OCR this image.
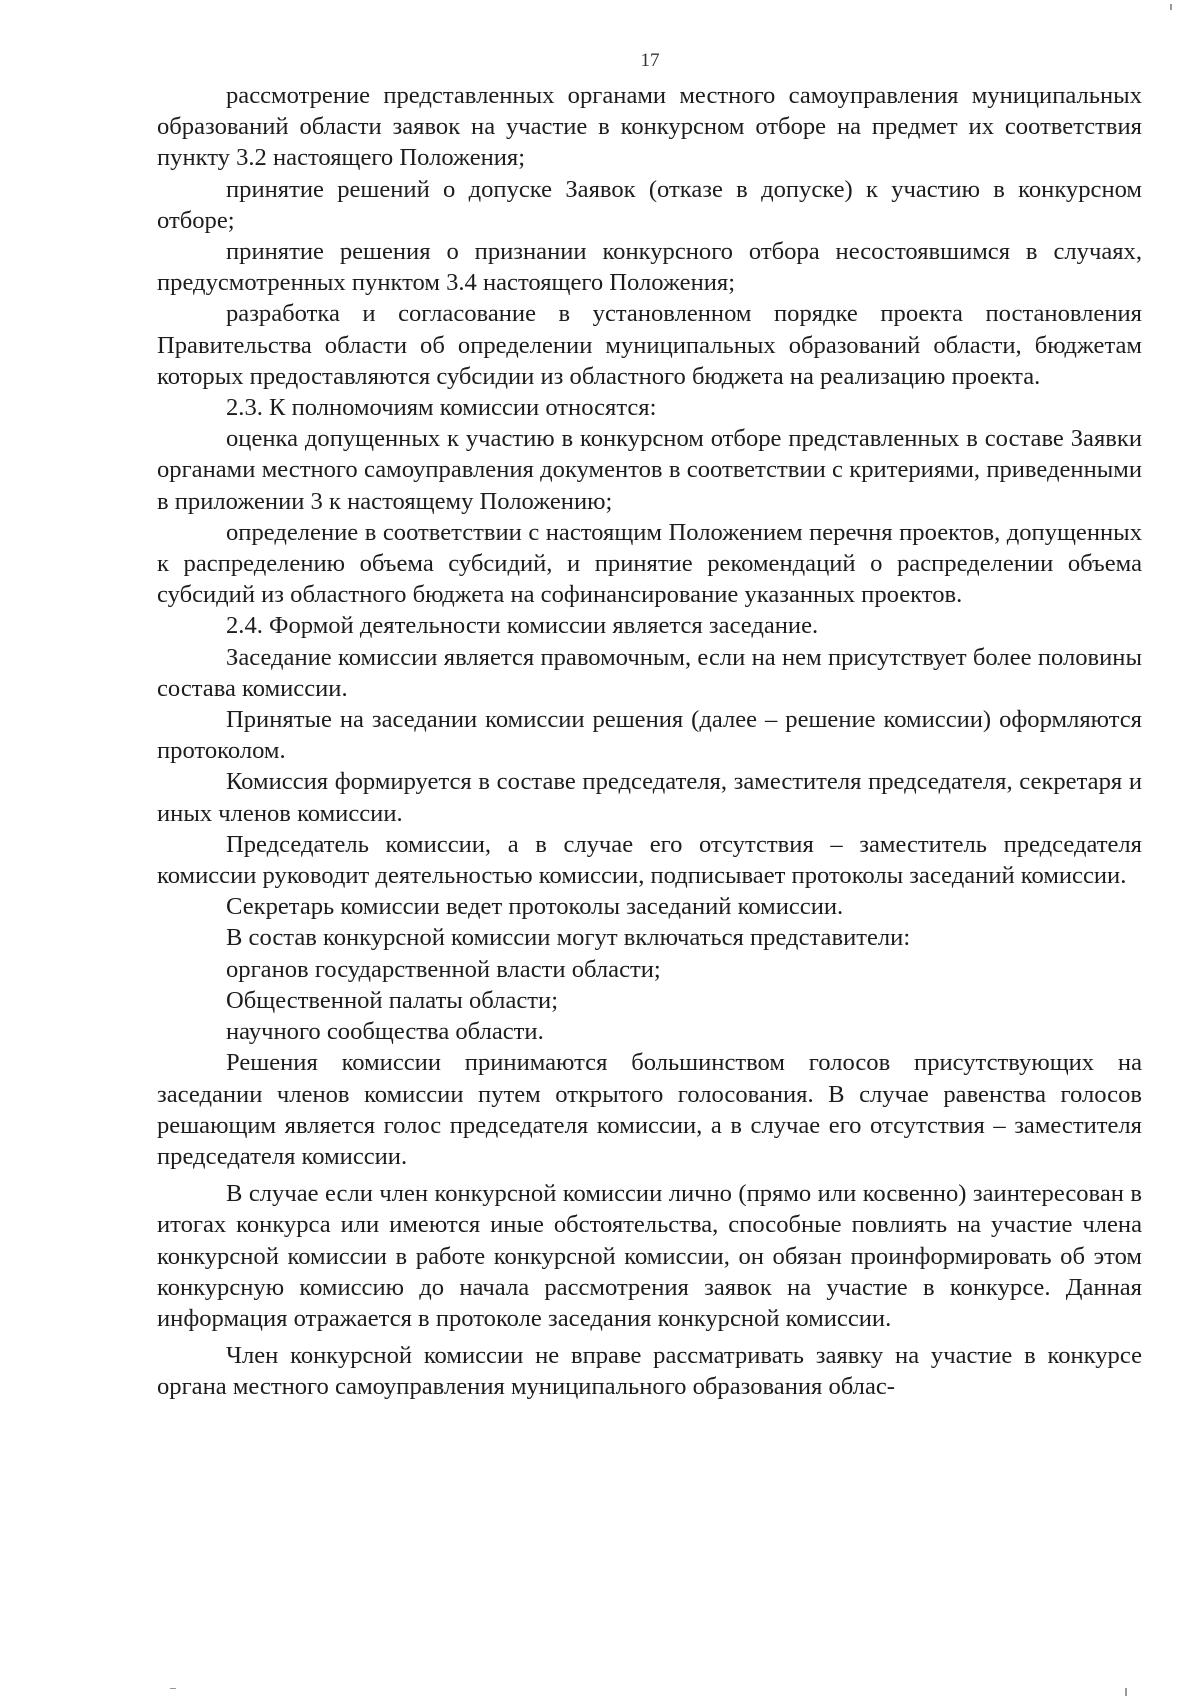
17

рассмотрение представленных органами местного самоуправления муниципальных образований области заявок на участие в конкурсном отборе на предмет их соответствия пункту 3.2 настоящего Положения;

принятие решений о допуске Заявок (отказе в допуске) к участию в конкурсном отборе;

принятие решения о признании конкурсного отбора несостоявшимся в случаях, предусмотренных пунктом 3.4 настоящего Положения;

разработка и согласование в установленном порядке проекта постановления Правительства области об определении муниципальных образований области, бюджетам которых предоставляются субсидии из областного бюджета на реализацию проекта.

2.3. К полномочиям комиссии относятся:

оценка допущенных к участию в конкурсном отборе представленных в составе Заявки органами местного самоуправления документов в соответствии с критериями, приведенными в приложении 3 к настоящему Положению;

определение в соответствии с настоящим Положением перечня проектов, допущенных к распределению объема субсидий, и принятие рекомендаций о распределении объема субсидий из областного бюджета на софинансирование указанных проектов.

2.4. Формой деятельности комиссии является заседание.

Заседание комиссии является правомочным, если на нем присутствует более половины состава комиссии.

Принятые на заседании комиссии решения (далее – решение комиссии) оформляются протоколом.

Комиссия формируется в составе председателя, заместителя председателя, секретаря и иных членов комиссии.

Председатель комиссии, а в случае его отсутствия – заместитель председателя комиссии руководит деятельностью комиссии, подписывает протоколы заседаний комиссии.

Секретарь комиссии ведет протоколы заседаний комиссии.

В состав конкурсной комиссии могут включаться представители:

органов государственной власти области;

Общественной палаты области;

научного сообщества области.

Решения комиссии принимаются большинством голосов присутствующих на заседании членов комиссии путем открытого голосования. В случае равенства голосов решающим является голос председателя комиссии, а в случае его отсутствия – заместителя председателя комиссии.

В случае если член конкурсной комиссии лично (прямо или косвенно) заинтересован в итогах конкурса или имеются иные обстоятельства, способные повлиять на участие члена конкурсной комиссии в работе конкурсной комиссии, он обязан проинформировать об этом конкурсную комиссию до начала рассмотрения заявок на участие в конкурсе. Данная информация отражается в протоколе заседания конкурсной комиссии.

Член конкурсной комиссии не вправе рассматривать заявку на участие в конкурсе органа местного самоуправления муниципального образования облас-
